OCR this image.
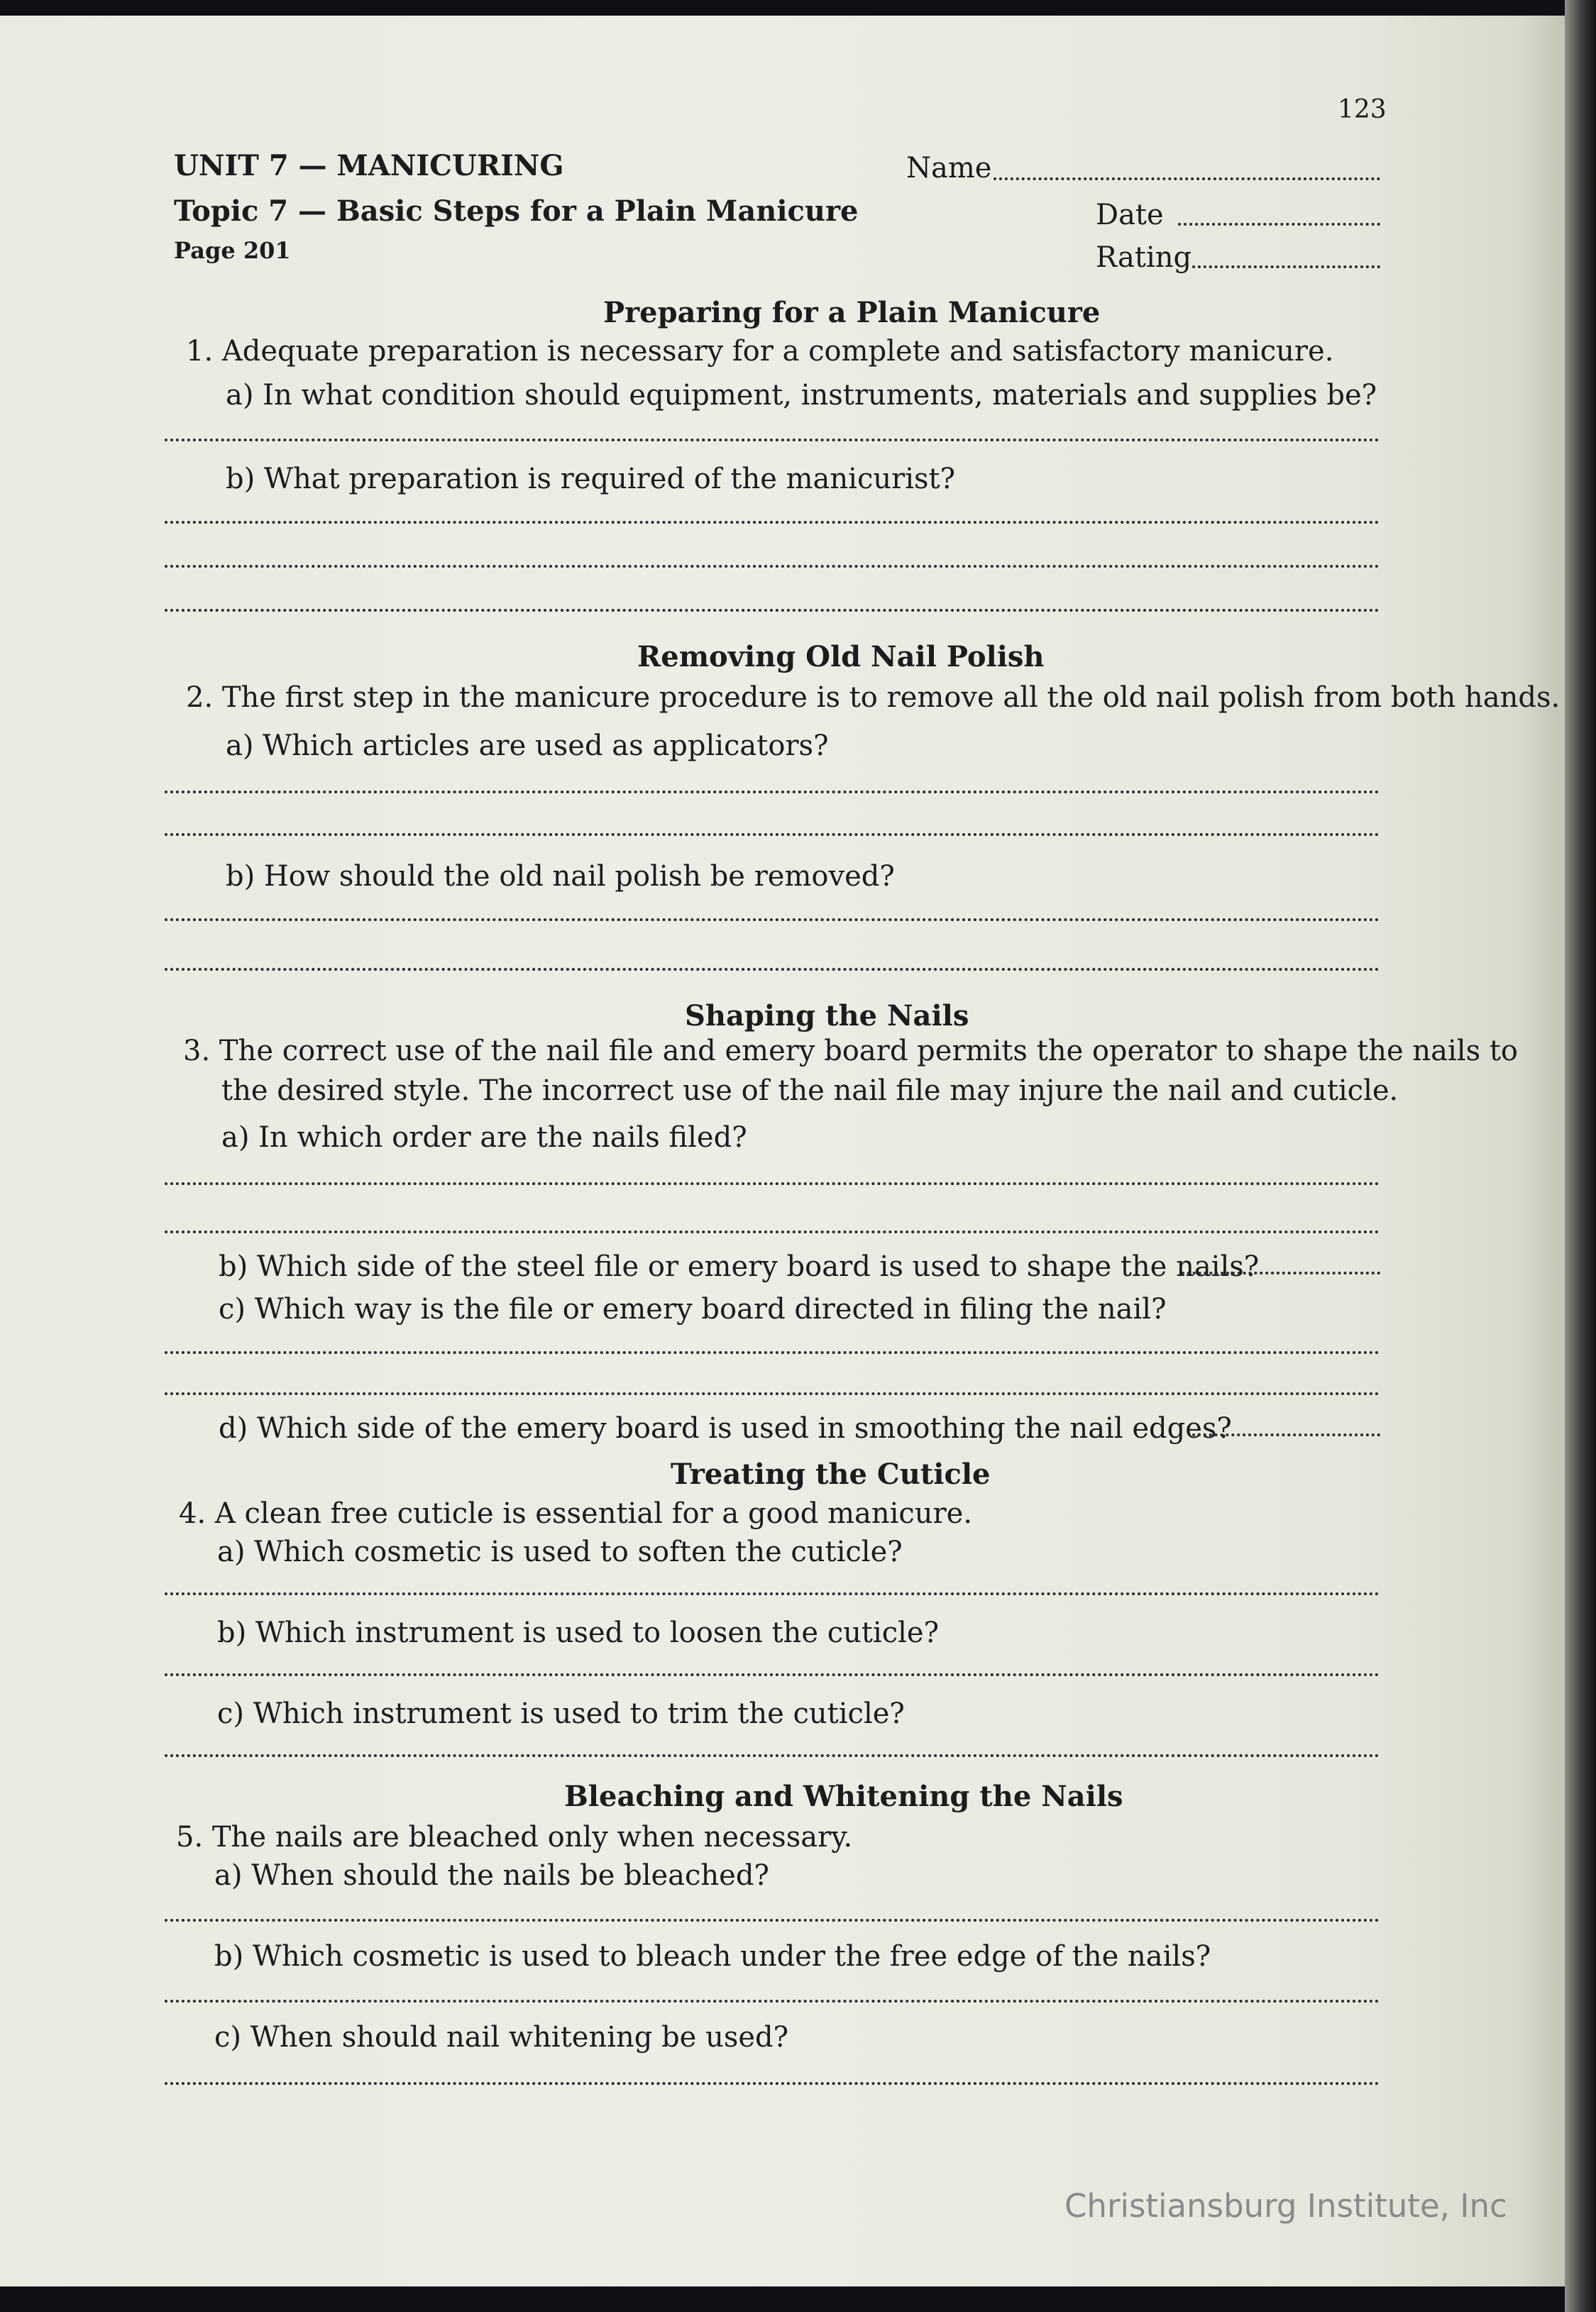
123
UNIT 7 — MANICURING
Topic 7 — Basic Steps for a Plain Manicure
Page 201
Name
Date
Rating
Preparing for a Plain Manicure
1. Adequate preparation is necessary for a complete and satisfactory manicure.
a) In what condition should equipment, instruments, materials and supplies be?
b) What preparation is required of the manicurist?
Removing Old Nail Polish
2. The first step in the manicure procedure is to remove all the old nail polish from both hands.
a) Which articles are used as applicators?
b) How should the old nail polish be removed?
Shaping the Nails
3. The correct use of the nail file and emery board permits the operator to shape the nails to
the desired style. The incorrect use of the nail file may injure the nail and cuticle.
a) In which order are the nails filed?
b) Which side of the steel file or emery board is used to shape the nails?
c) Which way is the file or emery board directed in filing the nail?
d) Which side of the emery board is used in smoothing the nail edges?
Treating the Cuticle
4. A clean free cuticle is essential for a good manicure.
a) Which cosmetic is used to soften the cuticle?
b) Which instrument is used to loosen the cuticle?
c) Which instrument is used to trim the cuticle?
Bleaching and Whitening the Nails
5. The nails are bleached only when necessary.
a) When should the nails be bleached?
b) Which cosmetic is used to bleach under the free edge of the nails?
c) When should nail whitening be used?
Christiansburg Institute, Inc
